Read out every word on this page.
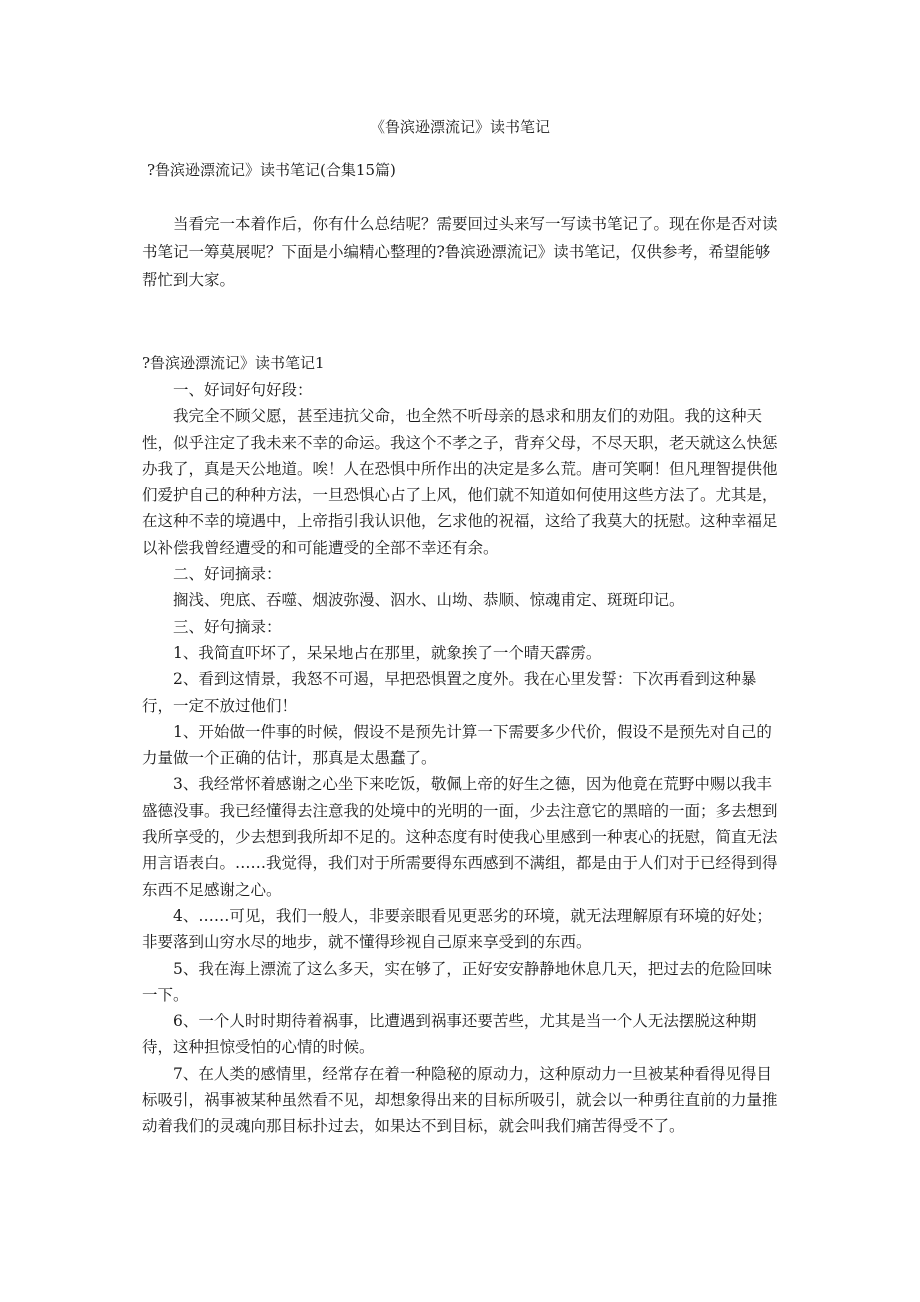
《鲁滨逊漂流记》读书笔记
?鲁滨逊漂流记》读书笔记(合集15篇)

当看完一本着作后，你有什么总结呢？需要回过头来写一写读书笔记了。现在你是否对读书笔记一筹莫展呢？下面是小编精心整理的?鲁滨逊漂流记》读书笔记，仅供参考，希望能够帮忙到大家。

?鲁滨逊漂流记》读书笔记1

一、好词好句好段：

我完全不顾父愿，甚至违抗父命，也全然不听母亲的恳求和朋友们的劝阻。我的这种天性，似乎注定了我未来不幸的命运。我这个不孝之子，背弃父母，不尽天职，老天就这么快惩办我了，真是天公地道。唉！人在恐惧中所作出的决定是多么荒。唐可笑啊！但凡理智提供他们爱护自己的种种方法，一旦恐惧心占了上风，他们就不知道如何使用这些方法了。尤其是，在这种不幸的境遇中，上帝指引我认识他，乞求他的祝福，这给了我莫大的抚慰。这种幸福足以补偿我曾经遭受的和可能遭受的全部不幸还有余。

二、好词摘录：

搁浅、兜底、吞噬、烟波弥漫、泅水、山坳、恭顺、惊魂甫定、斑斑印记。

三、好句摘录：

1、我简直吓坏了，呆呆地占在那里，就象挨了一个晴天霹雳。

2、看到这情景，我怒不可遏，早把恐惧置之度外。我在心里发誓：下次再看到这种暴行，一定不放过他们！

1、开始做一件事的时候，假设不是预先计算一下需要多少代价，假设不是预先对自己的力量做一个正确的估计，那真是太愚蠢了。

3、我经常怀着感谢之心坐下来吃饭，敬佩上帝的好生之德，因为他竟在荒野中赐以我丰盛德没事。我已经懂得去注意我的处境中的光明的一面，少去注意它的黑暗的一面；多去想到我所享受的，少去想到我所却不足的。这种态度有时使我心里感到一种衷心的抚慰，简直无法用言语表白。……我觉得，我们对于所需要得东西感到不满组，都是由于人们对于已经得到得东西不足感谢之心。

4、……可见，我们一般人，非要亲眼看见更恶劣的环境，就无法理解原有环境的好处；非要落到山穷水尽的地步，就不懂得珍视自己原来享受到的东西。

5、我在海上漂流了这么多天，实在够了，正好安安静静地休息几天，把过去的危险回味一下。

6、一个人时时期待着祸事，比遭遇到祸事还要苦些，尤其是当一个人无法摆脱这种期待，这种担惊受怕的心情的时候。

7、在人类的感情里，经常存在着一种隐秘的原动力，这种原动力一旦被某种看得见得目标吸引，祸事被某种虽然看不见，却想象得出来的目标所吸引，就会以一种勇往直前的力量推动着我们的灵魂向那目标扑过去，如果达不到目标，就会叫我们痛苦得受不了。
